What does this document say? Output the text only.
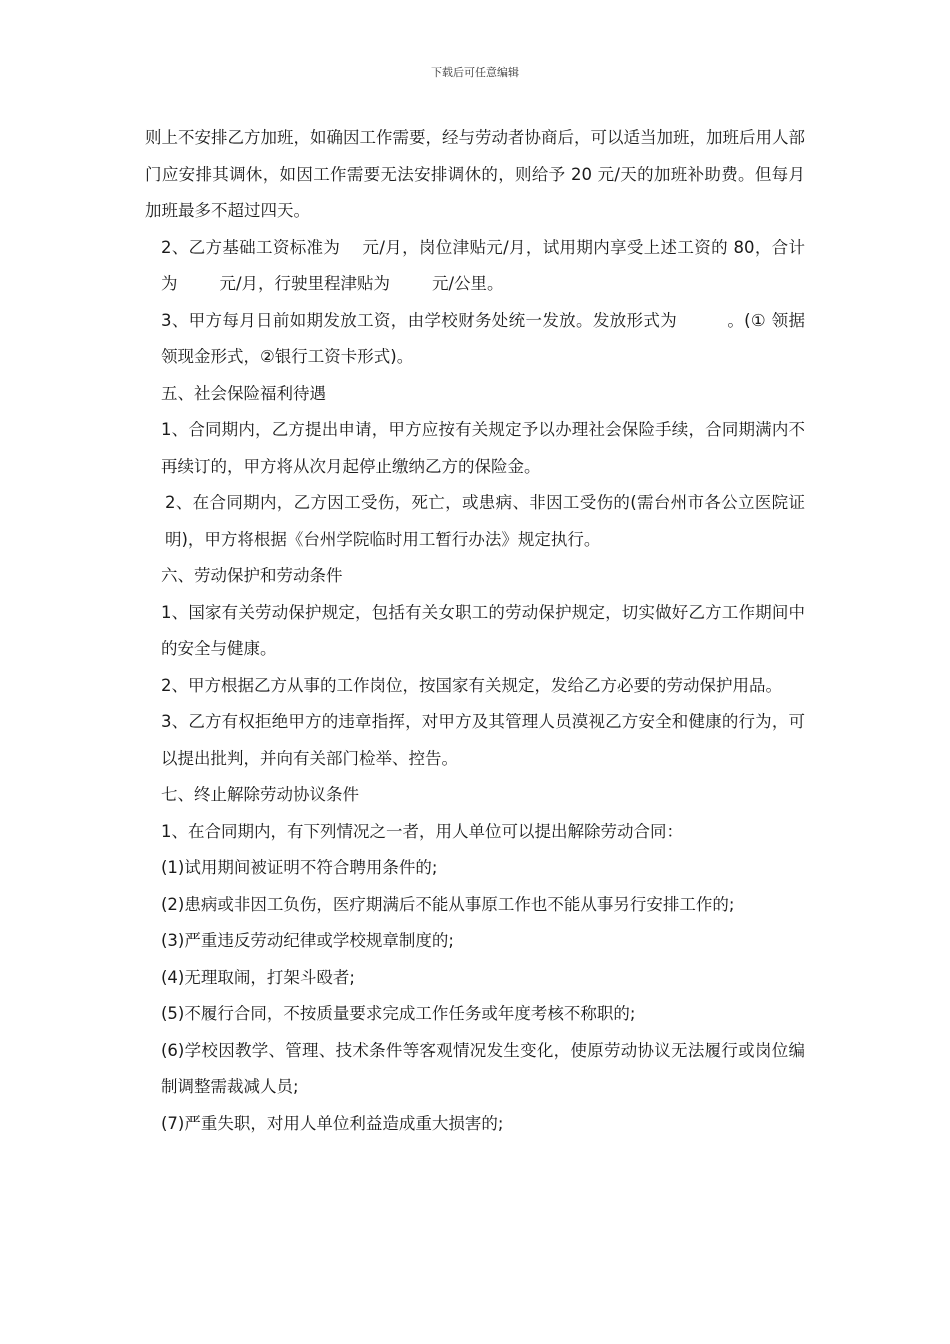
下载后可任意编辑

则上不安排乙方加班，如确因工作需要，经与劳动者协商后，可以适当加班，加班后用人部门应安排其调休，如因工作需要无法安排调休的，则给予 20 元/天的加班补助费。但每月加班最多不超过四天。

2、乙方基础工资标准为    元/月，岗位津贴元/月，试用期内享受上述工资的 80，合计为        元/月，行驶里程津贴为        元/公里。

3、甲方每月日前如期发放工资，由学校财务处统一发放。发放形式为         。(① 领据领现金形式，②银行工资卡形式)。

五、社会保险福利待遇

1、合同期内，乙方提出申请，甲方应按有关规定予以办理社会保险手续，合同期满内不再续订的，甲方将从次月起停止缴纳乙方的保险金。

2、在合同期内，乙方因工受伤，死亡，或患病、非因工受伤的(需台州市各公立医院证明)，甲方将根据《台州学院临时用工暂行办法》规定执行。

六、劳动保护和劳动条件

1、国家有关劳动保护规定，包括有关女职工的劳动保护规定，切实做好乙方工作期间中的安全与健康。

2、甲方根据乙方从事的工作岗位，按国家有关规定，发给乙方必要的劳动保护用品。

3、乙方有权拒绝甲方的违章指挥，对甲方及其管理人员漠视乙方安全和健康的行为，可以提出批判，并向有关部门检举、控告。

七、终止解除劳动协议条件

1、在合同期内，有下列情况之一者，用人单位可以提出解除劳动合同：

(1)试用期间被证明不符合聘用条件的;

(2)患病或非因工负伤，医疗期满后不能从事原工作也不能从事另行安排工作的;

(3)严重违反劳动纪律或学校规章制度的;

(4)无理取闹，打架斗殴者;

(5)不履行合同，不按质量要求完成工作任务或年度考核不称职的;

(6)学校因教学、管理、技术条件等客观情况发生变化，使原劳动协议无法履行或岗位编制调整需裁减人员;

(7)严重失职，对用人单位利益造成重大损害的;
